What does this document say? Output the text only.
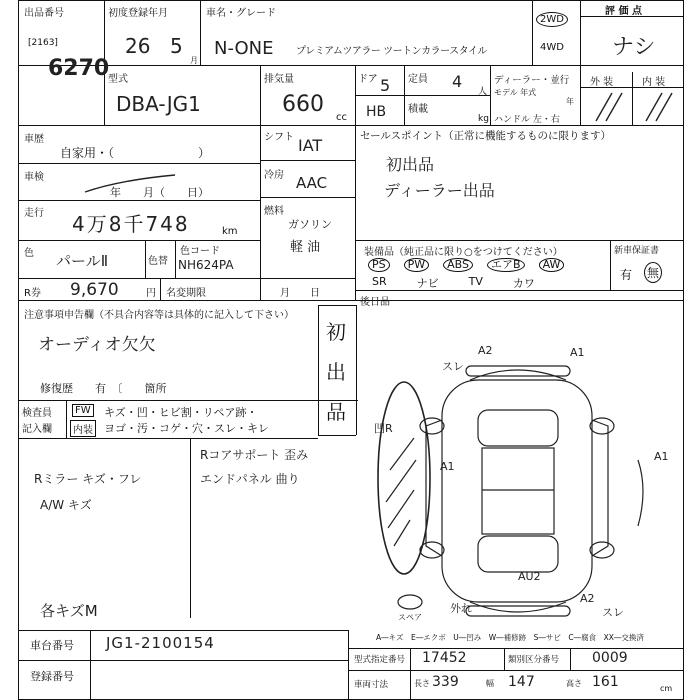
出品番号
[2163]
6270
初度登録年月
26 5
月
車名・グレード
N-ONE プレミアムツアラー ツートンカラースタイル
2WD
4WD
評 価 点
ナシ
外 装	内 装
型式
DBA-JG1
排気量
660
cc
ドア 5 定員 4
人
HB 積載
kg
ディーラー・並行
モデル 年式
年
ハンドル 左・右
車歴
自家用・（　　　　　　　）
車検
年　　月（　　日）
走行 4万8千748	km
色 パールⅡ	色替
色コード
NH624PA
R券 9,670	円 名変期限	月　　日
シフト IAT
冷房 AAC
燃料
ガソリン
軽 油
セールスポイント（正常に機能するものに限ります）
初出品
ディーラー出品
装備品（純正品に限り○をつけてください）
PS	PW	ABS	エアB	AW
SR	ナビ	TV	カワ
新車保証書
有 無
後日品
注意事項申告欄（不具合内容等は具体的に記入して下さい）
オーディオ欠欠
修復歴　　有　〔　　箇所
初
出
品
検査員
記入欄
FW
内装
キズ・凹・ヒビ割・リペア跡・
ヨゴ・汚・コゲ・穴・スレ・キレ
Rミラー キズ・フレ
A/W キズ
Rコアサポート 歪み
エンドパネル 曲り
各キズM
A2	A1
スレ
A1
凹R
A1
AU2
スペア
外れ
A2
スレ
A―キズ　E―エクボ　U―凹み　W―補修跡　S―サビ　C―腐食　XX―交換済
車台番号 JG1-2100154
登録番号
型式指定番号 17452	類別区分番号 0009
車両寸法	長さ 339	幅 147	高さ 161	cm
